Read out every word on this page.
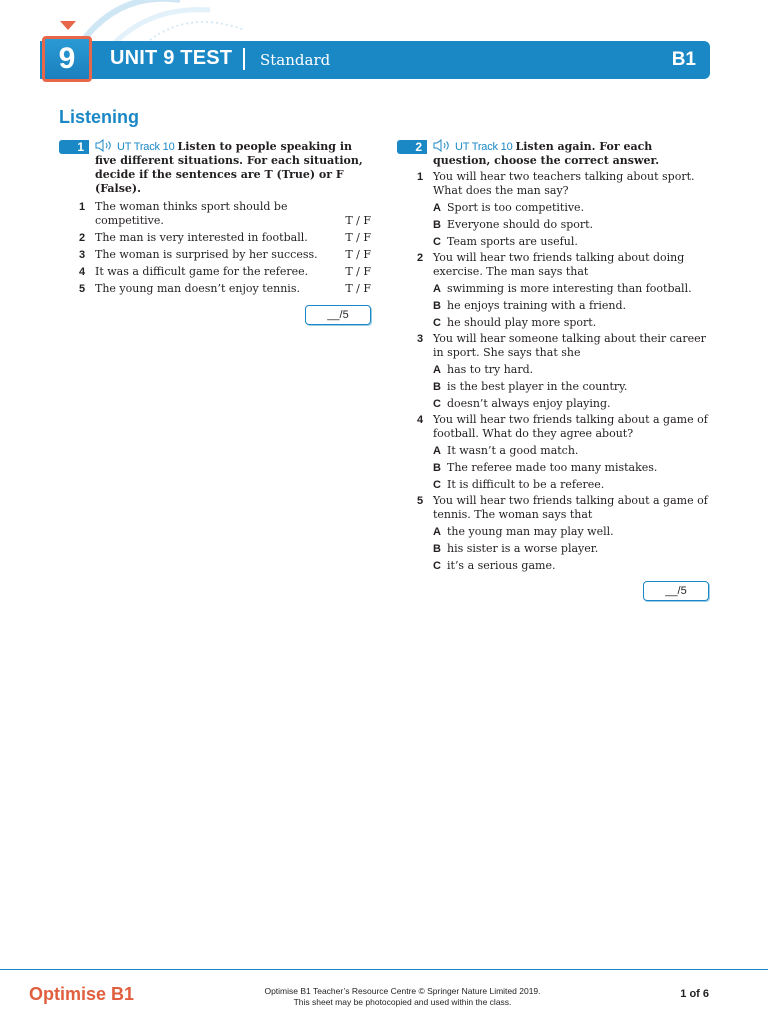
9	UNIT 9 TEST Standard	B1
Listening
1	UT Track 10 Listen to people speaking in five different situations. For each situation, decide if the sentences are T (True) or F (False).
1 The woman thinks sport should be
competitive.	T / F
2 The man is very interested in football.	T / F
3 The woman is surprised by her success.	T / F
4 It was a difficult game for the referee.	T / F
5 The young man doesn’t enjoy tennis.	T / F
__/5
2	UT Track 10 Listen again. For each question, choose the correct answer.
1 You will hear two teachers talking about sport. What does the man say?
A Sport is too competitive.
B Everyone should do sport.
C Team sports are useful.
2 You will hear two friends talking about doing exercise. The man says that
A swimming is more interesting than football.
B he enjoys training with a friend.
C he should play more sport.
3 You will hear someone talking about their career in sport. She says that she
A has to try hard.
B is the best player in the country.
C doesn’t always enjoy playing.
4 You will hear two friends talking about a game of football. What do they agree about?
A It wasn’t a good match.
B The referee made too many mistakes.
C It is difficult to be a referee.
5 You will hear two friends talking about a game of tennis. The woman says that
A the young man may play well.
B his sister is a worse player.
C it’s a serious game.
__/5
Optimise B1	Optimise B1 Teacher’s Resource Centre © Springer Nature Limited 2019.
This sheet may be photocopied and used within the class.
1 of 6
